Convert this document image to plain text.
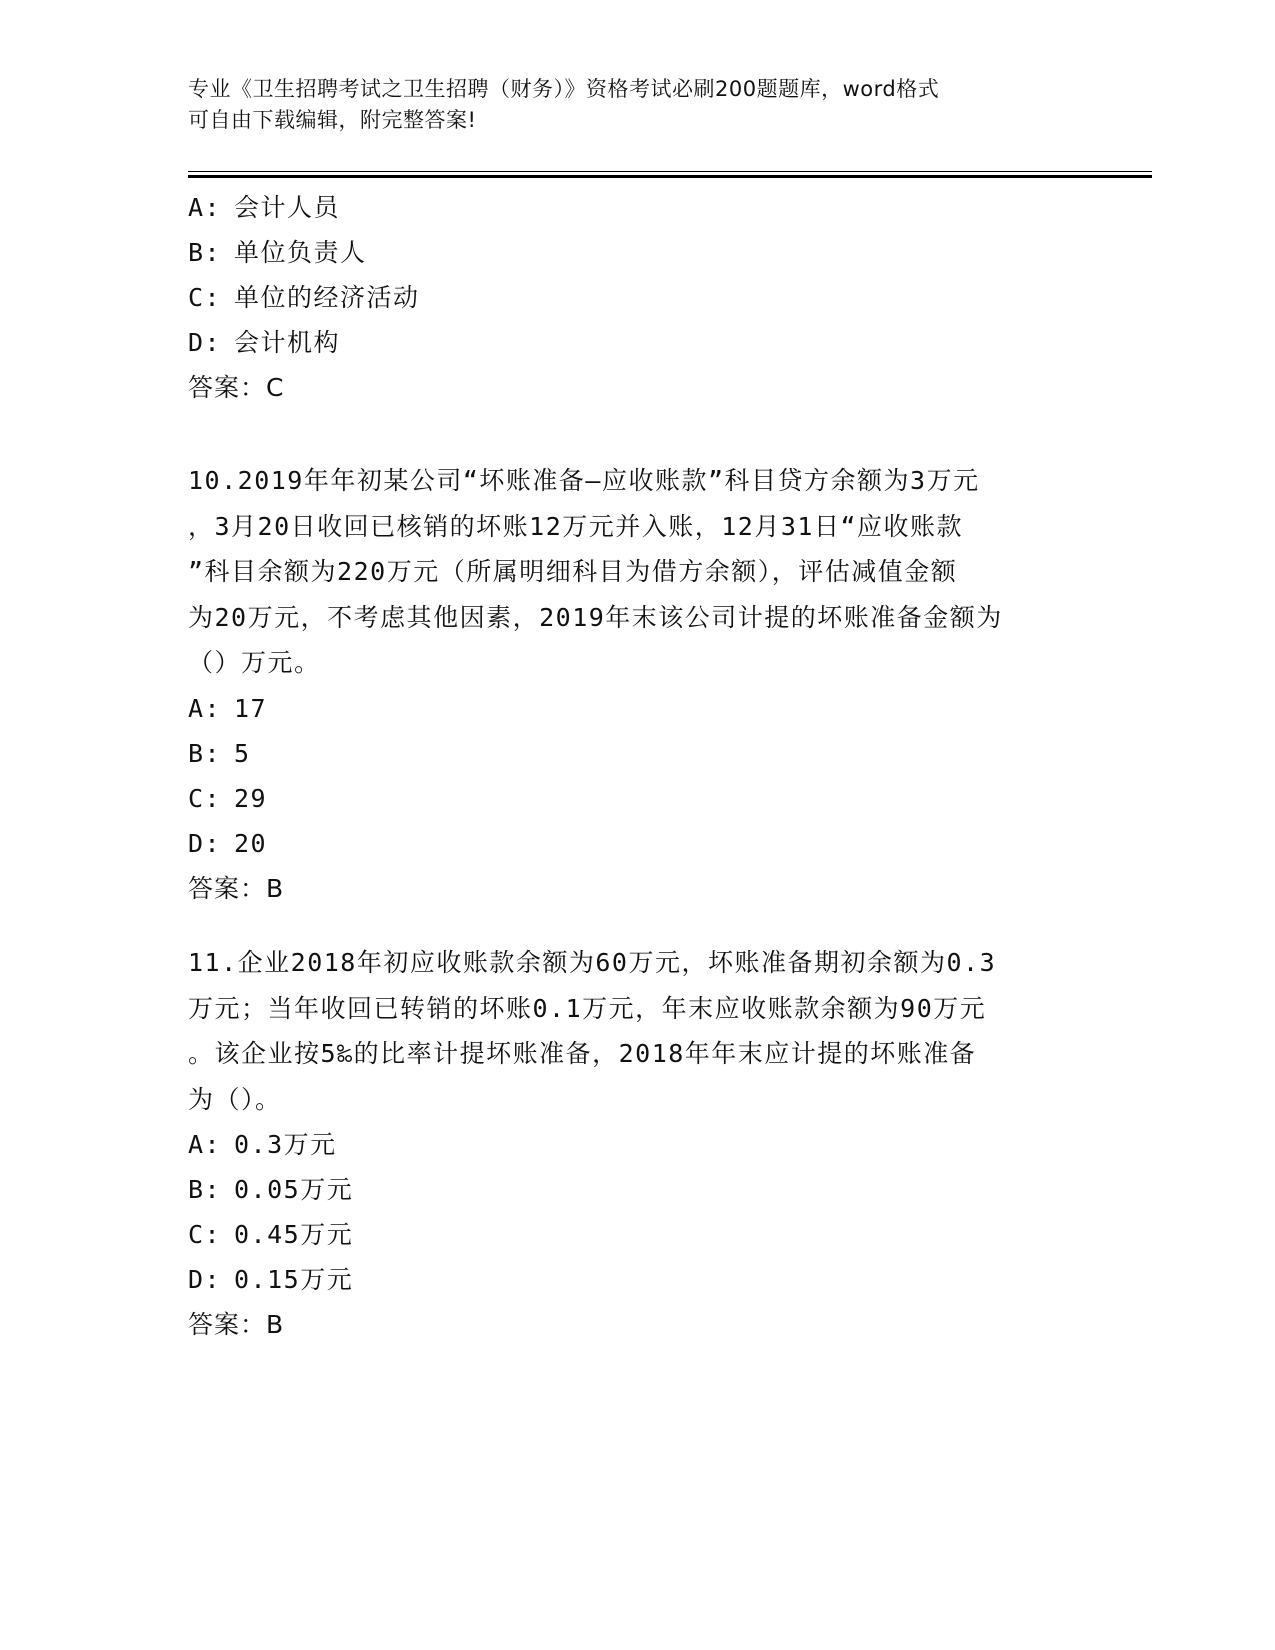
专业《卫生招聘考试之卫生招聘（财务）》资格考试必刷200题题库，word格式
可自由下载编辑，附完整答案!
A: 会计人员
B: 单位负责人
C: 单位的经济活动
D: 会计机构
答案：C
10.2019年年初某公司“坏账准备—应收账款”科目贷方余额为3万元
，3月20日收回已核销的坏账12万元并入账，12月31日“应收账款
”科目余额为220万元（所属明细科目为借方余额），评估减值金额
为20万元，不考虑其他因素，2019年末该公司计提的坏账准备金额为
（）万元。
A: 17
B: 5
C: 29
D: 20
答案：B
11.企业2018年初应收账款余额为60万元，坏账准备期初余额为0.3
万元；当年收回已转销的坏账0.1万元，年末应收账款余额为90万元
。该企业按5‰的比率计提坏账准备，2018年年末应计提的坏账准备
为（）。
A: 0.3万元
B: 0.05万元
C: 0.45万元
D: 0.15万元
答案：B
